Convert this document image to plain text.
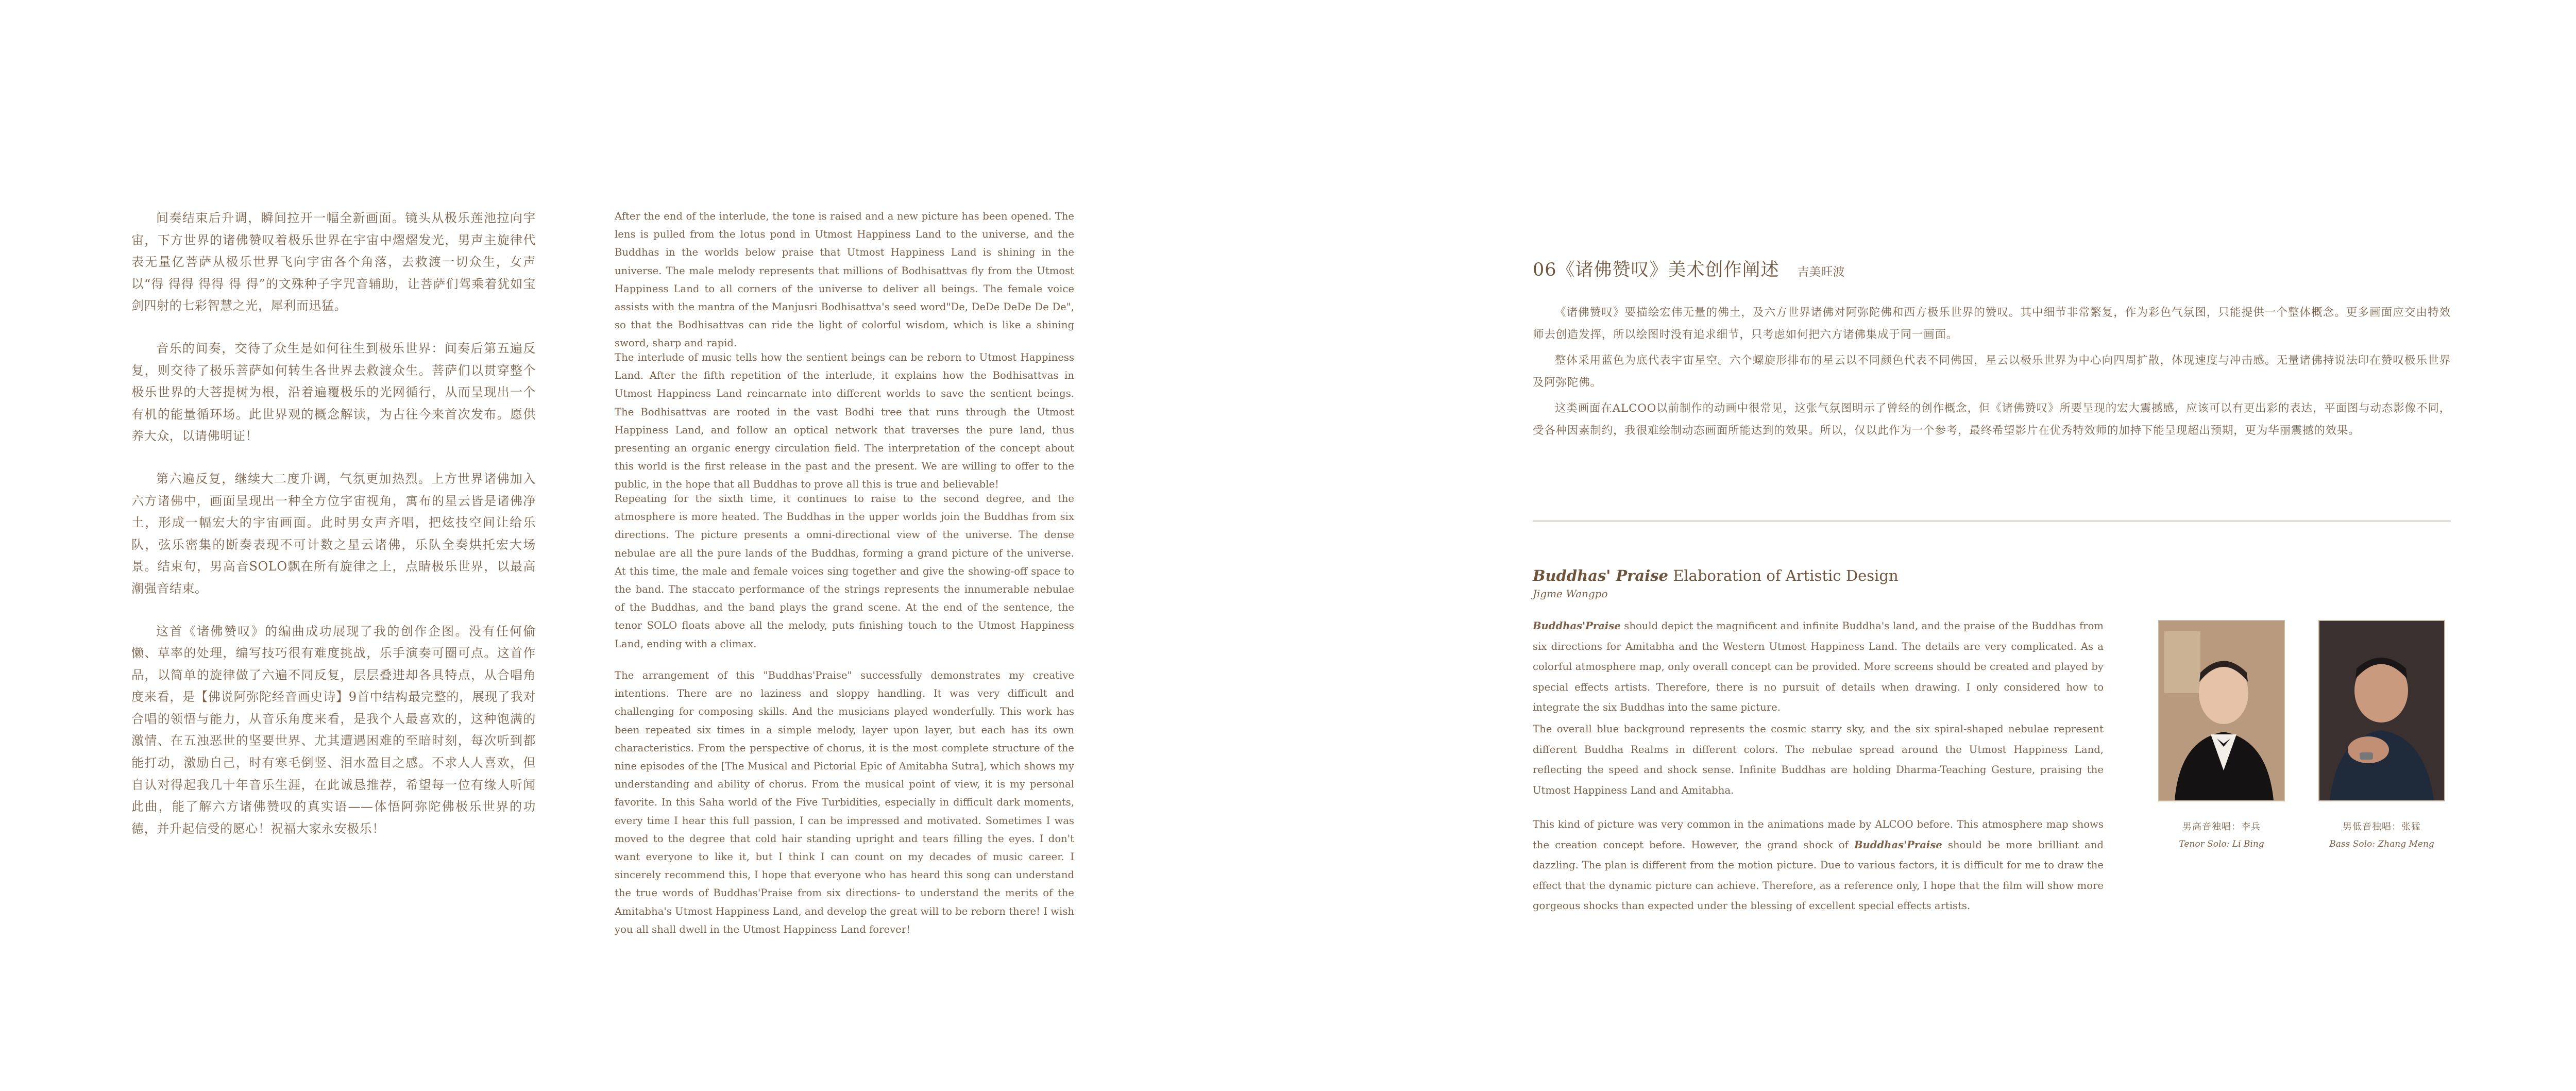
间奏结束后升调，瞬间拉开一幅全新画面。镜头从极乐莲池拉向宇宙，下方世界的诸佛赞叹着极乐世界在宇宙中熠熠发光，男声主旋律代表无量亿菩萨从极乐世界飞向宇宙各个角落，去救渡一切众生，女声以“得 得得 得得 得 得”的文殊种子字咒音辅助，让菩萨们驾乘着犹如宝剑四射的七彩智慧之光，犀利而迅猛。

音乐的间奏，交待了众生是如何往生到极乐世界：间奏后第五遍反复，则交待了极乐菩萨如何转生各世界去救渡众生。菩萨们以贯穿整个极乐世界的大菩提树为根，沿着遍覆极乐的光网循行，从而呈现出一个有机的能量循环场。此世界观的概念解读，为古往今来首次发布。愿供养大众，以请佛明证！

第六遍反复，继续大二度升调，气氛更加热烈。上方世界诸佛加入六方诸佛中，画面呈现出一种全方位宇宙视角，寓布的星云皆是诸佛净土，形成一幅宏大的宇宙画面。此时男女声齐唱，把炫技空间让给乐队，弦乐密集的断奏表现不可计数之星云诸佛，乐队全奏烘托宏大场景。结束句，男高音SOLO飘在所有旋律之上，点睛极乐世界，以最高潮强音结束。

这首《诸佛赞叹》的编曲成功展现了我的创作企图。没有任何偷懒、草率的处理，编写技巧很有难度挑战，乐手演奏可圈可点。这首作品，以简单的旋律做了六遍不同反复，层层叠进却各具特点，从合唱角度来看，是【佛说阿弥陀经音画史诗】9首中结构最完整的，展现了我对合唱的领悟与能力，从音乐角度来看，是我个人最喜欢的，这种饱满的激情、在五浊恶世的坚要世界、尤其遭遇困难的至暗时刻，每次听到都能打动，激励自己，时有寒毛倒竖、泪水盈目之感。不求人人喜欢，但自认对得起我几十年音乐生涯，在此诚恳推荐，希望每一位有缘人听闻此曲，能了解六方诸佛赞叹的真实语——体悟阿弥陀佛极乐世界的功德，并升起信受的愿心！祝福大家永安极乐！

After the end of the interlude, the tone is raised and a new picture has been opened. The lens is pulled from the lotus pond in Utmost Happiness Land to the universe, and the Buddhas in the worlds below praise that Utmost Happiness Land is shining in the universe. The male melody represents that millions of Bodhisattvas fly from the Utmost Happiness Land to all corners of the universe to deliver all beings. The female voice assists with the mantra of the Manjusri Bodhisattva's seed word"De, DeDe DeDe De De", so that the Bodhisattvas can ride the light of colorful wisdom, which is like a shining sword, sharp and rapid.

The interlude of music tells how the sentient beings can be reborn to Utmost Happiness Land. After the fifth repetition of the interlude, it explains how the Bodhisattvas in Utmost Happiness Land reincarnate into different worlds to save the sentient beings. The Bodhisattvas are rooted in the vast Bodhi tree that runs through the Utmost Happiness Land, and follow an optical network that traverses the pure land, thus presenting an organic energy circulation field. The interpretation of the concept about this world is the first release in the past and the present. We are willing to offer to the public, in the hope that all Buddhas to prove all this is true and believable!

Repeating for the sixth time, it continues to raise to the second degree, and the atmosphere is more heated. The Buddhas in the upper worlds join the Buddhas from six directions. The picture presents a omni-directional view of the universe. The dense nebulae are all the pure lands of the Buddhas, forming a grand picture of the universe. At this time, the male and female voices sing together and give the showing-off space to the band. The staccato performance of the strings represents the innumerable nebulae of the Buddhas, and the band plays the grand scene. At the end of the sentence, the tenor SOLO floats above all the melody, puts finishing touch to the Utmost Happiness Land, ending with a climax.

The arrangement of this "Buddhas'Praise" successfully demonstrates my creative intentions. There are no laziness and sloppy handling. It was very difficult and challenging for composing skills. And the musicians played wonderfully. This work has been repeated six times in a simple melody, layer upon layer, but each has its own characteristics. From the perspective of chorus, it is the most complete structure of the nine episodes of the [The Musical and Pictorial Epic of Amitabha Sutra], which shows my understanding and ability of chorus. From the musical point of view, it is my personal favorite. In this Saha world of the Five Turbidities, especially in difficult dark moments, every time I hear this full passion, I can be impressed and motivated. Sometimes I was moved to the degree that cold hair standing upright and tears filling the eyes. I don't want everyone to like it, but I think I can count on my decades of music career. I sincerely recommend this, I hope that everyone who has heard this song can understand the true words of Buddhas'Praise from six directions- to understand the merits of the Amitabha's Utmost Happiness Land, and develop the great will to be reborn there! I wish you all shall dwell in the Utmost Happiness Land forever!

06《诸佛赞叹》美术创作阐述 吉美旺波

《诸佛赞叹》要描绘宏伟无量的佛土，及六方世界诸佛对阿弥陀佛和西方极乐世界的赞叹。其中细节非常繁复，作为彩色气氛图，只能提供一个整体概念。更多画面应交由特效师去创造发挥，所以绘图时没有追求细节，只考虑如何把六方诸佛集成于同一画面。

整体采用蓝色为底代表宇宙星空。六个螺旋形排布的星云以不同颜色代表不同佛国，星云以极乐世界为中心向四周扩散，体现速度与冲击感。无量诸佛持说法印在赞叹极乐世界及阿弥陀佛。

这类画面在ALCOO以前制作的动画中很常见，这张气氛图明示了曾经的创作概念，但《诸佛赞叹》所要呈现的宏大震撼感，应该可以有更出彩的表达，平面图与动态影像不同，受各种因素制约，我很难绘制动态画面所能达到的效果。所以，仅以此作为一个参考，最终希望影片在优秀特效师的加持下能呈现超出预期，更为华丽震撼的效果。

Buddhas' Praise Elaboration of Artistic Design
Jigme Wangpo

Buddhas'Praise should depict the magnificent and infinite Buddha's land, and the praise of the Buddhas from six directions for Amitabha and the Western Utmost Happiness Land. The details are very complicated. As a colorful atmosphere map, only overall concept can be provided. More screens should be created and played by special effects artists. Therefore, there is no pursuit of details when drawing. I only considered how to integrate the six Buddhas into the same picture.

The overall blue background represents the cosmic starry sky, and the six spiral-shaped nebulae represent different Buddha Realms in different colors. The nebulae spread around the Utmost Happiness Land, reflecting the speed and shock sense. Infinite Buddhas are holding Dharma-Teaching Gesture, praising the Utmost Happiness Land and Amitabha.

This kind of picture was very common in the animations made by ALCOO before. This atmosphere map shows the creation concept before. However, the grand shock of Buddhas'Praise should be more brilliant and dazzling. The plan is different from the motion picture. Due to various factors, it is difficult for me to draw the effect that the dynamic picture can achieve. Therefore, as a reference only, I hope that the film will show more gorgeous shocks than expected under the blessing of excellent special effects artists.

男高音独唱：李兵
Tenor Solo: Li Bing
男低音独唱：张猛
Bass Solo: Zhang Meng
